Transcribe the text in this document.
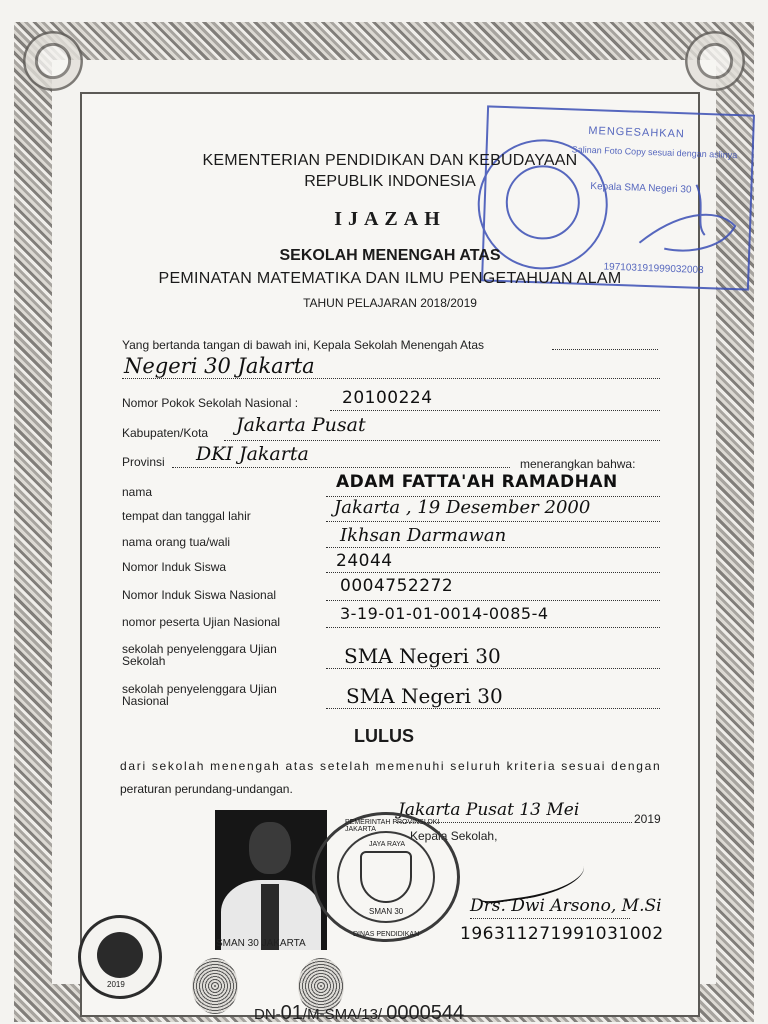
MENGESAHKAN
Salinan Foto Copy sesuai dengan aslinya
Kepala SMA Negeri 30
197103191999032003
KEMENTERIAN PENDIDIKAN DAN KEBUDAYAAN
REPUBLIK INDONESIA
IJAZAH
SEKOLAH MENENGAH ATAS
PEMINATAN MATEMATIKA DAN ILMU PENGETAHUAN ALAM
TAHUN PELAJARAN 2018/2019
Yang bertanda tangan di bawah ini, Kepala Sekolah Menengah Atas
Negeri 30 Jakarta
Nomor Pokok Sekolah Nasional :	20100224
Kabupaten/Kota Jakarta Pusat
Provinsi DKI Jakarta	menerangkan bahwa:
nama	ADAM FATTA'AH RAMADHAN
tempat dan tanggal lahir	Jakarta , 19 Desember 2000
nama orang tua/wali	Ikhsan Darmawan
Nomor Induk Siswa	24044
Nomor Induk Siswa Nasional	0004752272
nomor peserta Ujian Nasional	3-19-01-01-0014-0085-4
sekolah penyelenggara Ujian
Sekolah	SMA Negeri 30
sekolah penyelenggara Ujian
Nasional	SMA Negeri 30
LULUS
dari sekolah menengah atas setelah memenuhi seluruh kriteria sesuai dengan
peraturan perundang-undangan.
Jakarta Pusat 13 Mei	2019
Kepala Sekolah,
SMAN 30 JAKARTA
JAYA RAYA
SMAN 30
PEMERINTAH PROVINSI DKI JAKARTA
DINAS PENDIDIKAN
Drs. Dwi Arsono, M.Si
196311271991031002
2019
DN-01/M-SMA/13/ 0000544
